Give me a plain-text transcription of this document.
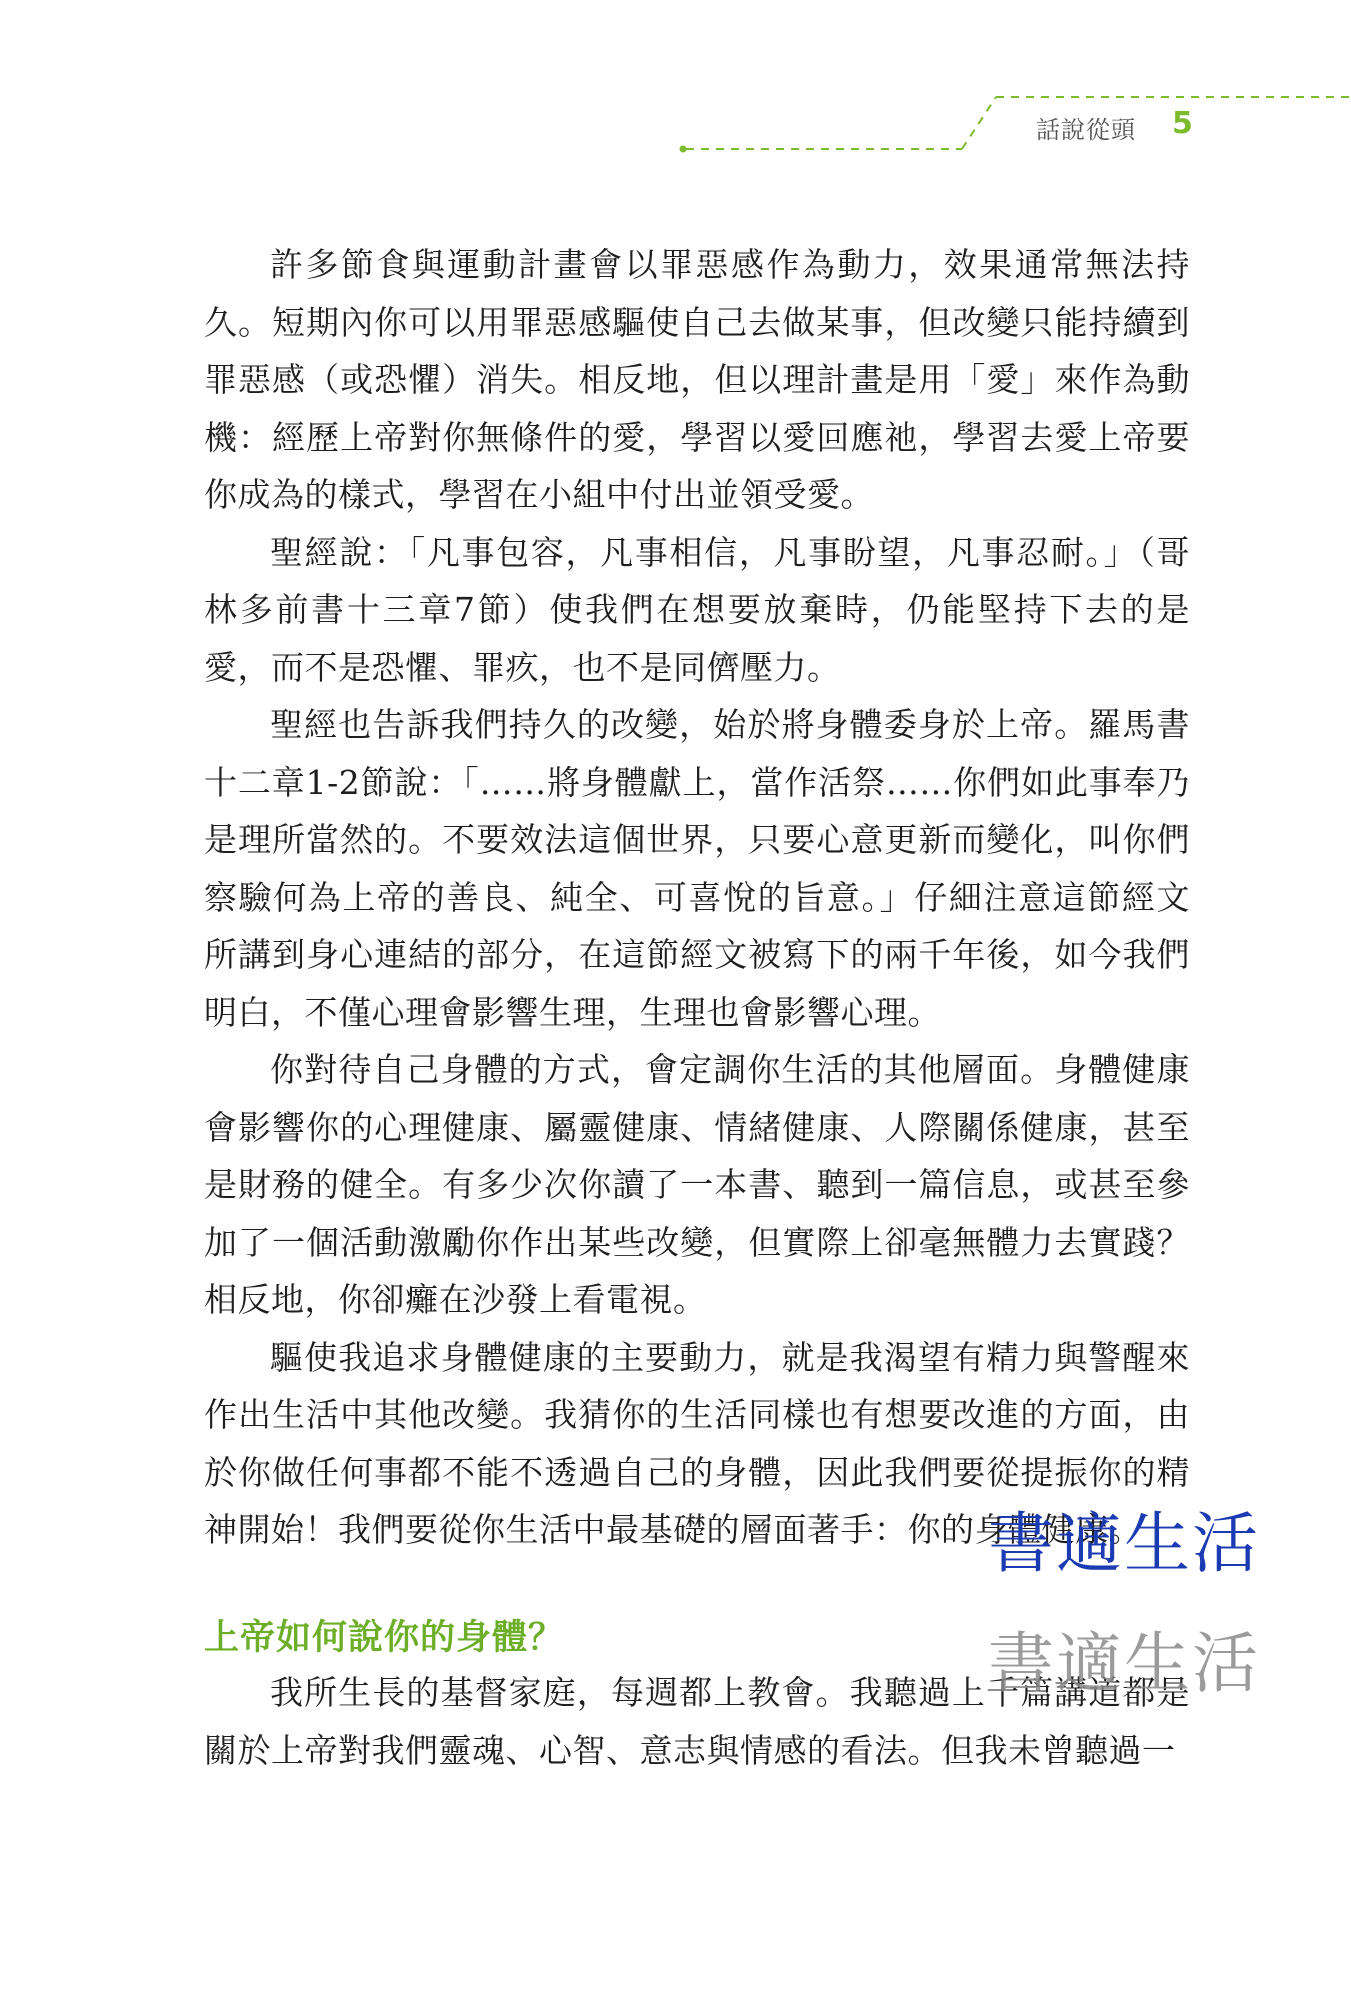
話說從頭 5

許多節食與運動計畫會以罪惡感作為動力，效果通常無法持久。短期內你可以用罪惡感驅使自己去做某事，但改變只能持續到罪惡感（或恐懼）消失。相反地，但以理計畫是用「愛」來作為動機：經歷上帝對你無條件的愛，學習以愛回應祂，學習去愛上帝要你成為的樣式，學習在小組中付出並領受愛。

聖經說：「凡事包容，凡事相信，凡事盼望，凡事忍耐。」（哥林多前書十三章7節）使我們在想要放棄時，仍能堅持下去的是愛，而不是恐懼、罪疚，也不是同儕壓力。

聖經也告訴我們持久的改變，始於將身體委身於上帝。羅馬書十二章1-2節說：「……將身體獻上，當作活祭……你們如此事奉乃是理所當然的。不要效法這個世界，只要心意更新而變化，叫你們察驗何為上帝的善良、純全、可喜悅的旨意。」仔細注意這節經文所講到身心連結的部分，在這節經文被寫下的兩千年後，如今我們明白，不僅心理會影響生理，生理也會影響心理。

你對待自己身體的方式，會定調你生活的其他層面。身體健康會影響你的心理健康、屬靈健康、情緒健康、人際關係健康，甚至是財務的健全。有多少次你讀了一本書、聽到一篇信息，或甚至參加了一個活動激勵你作出某些改變，但實際上卻毫無體力去實踐？相反地，你卻癱在沙發上看電視。

驅使我追求身體健康的主要動力，就是我渴望有精力與警醒來作出生活中其他改變。我猜你的生活同樣也有想要改進的方面，由於你做任何事都不能不透過自己的身體，因此我們要從提振你的精神開始！我們要從你生活中最基礎的層面著手：你的身體健康。

上帝如何說你的身體？

我所生長的基督家庭，每週都上教會。我聽過上千篇講道都是關於上帝對我們靈魂、心智、意志與情感的看法。但我未曾聽過一

書適生活
書適生活
